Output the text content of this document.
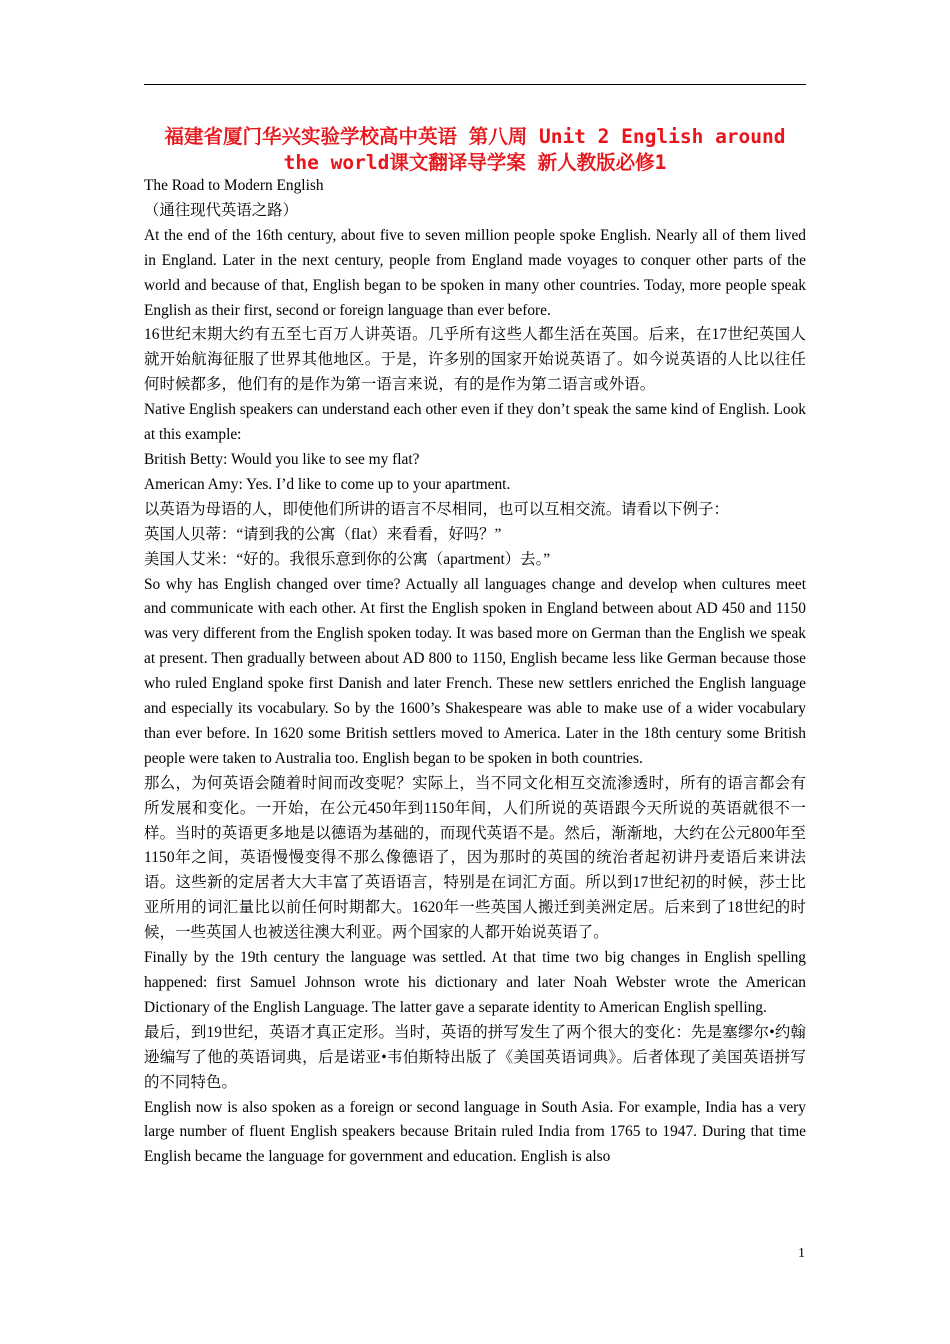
福建省厦门华兴实验学校高中英语 第八周 Unit 2 English around the world课文翻译导学案 新人教版必修1

The Road to Modern English

（通往现代英语之路）

At the end of the 16th century, about five to seven million people spoke English. Nearly all of them lived in England. Later in the next century, people from England made voyages to conquer other parts of the world and because of that, English began to be spoken in many other countries. Today, more people speak English as their first, second or foreign language than ever before.

16世纪末期大约有五至七百万人讲英语。几乎所有这些人都生活在英国。后来，在17世纪英国人就开始航海征服了世界其他地区。于是，许多别的国家开始说英语了。如今说英语的人比以往任何时候都多，他们有的是作为第一语言来说，有的是作为第二语言或外语。

Native English speakers can understand each other even if they don’t speak the same kind of English. Look at this example:

British Betty: Would you like to see my flat?

American Amy: Yes. I’d like to come up to your apartment.

以英语为母语的人，即使他们所讲的语言不尽相同，也可以互相交流。请看以下例子：

英国人贝蒂：“请到我的公寓（flat）来看看，好吗？”

美国人艾米：“好的。我很乐意到你的公寓（apartment）去。”

So why has English changed over time? Actually all languages change and develop when cultures meet and communicate with each other. At first the English spoken in England between about AD 450 and 1150 was very different from the English spoken today. It was based more on German than the English we speak at present. Then gradually between about AD 800 to 1150, English became less like German because those who ruled England spoke first Danish and later French. These new settlers enriched the English language and especially its vocabulary. So by the 1600’s Shakespeare was able to make use of a wider vocabulary than ever before. In 1620 some British settlers moved to America. Later in the 18th century some British people were taken to Australia too. English began to be spoken in both countries.

那么，为何英语会随着时间而改变呢？实际上，当不同文化相互交流渗透时，所有的语言都会有所发展和变化。一开始，在公元450年到1150年间，人们所说的英语跟今天所说的英语就很不一样。当时的英语更多地是以德语为基础的，而现代英语不是。然后，渐渐地，大约在公元800年至1150年之间，英语慢慢变得不那么像德语了，因为那时的英国的统治者起初讲丹麦语后来讲法语。这些新的定居者大大丰富了英语语言，特别是在词汇方面。所以到17世纪初的时候，莎士比亚所用的词汇量比以前任何时期都大。1620年一些英国人搬迁到美洲定居。后来到了18世纪的时候，一些英国人也被送往澳大利亚。两个国家的人都开始说英语了。

Finally by the 19th century the language was settled. At that time two big changes in English spelling happened: first Samuel Johnson wrote his dictionary and later Noah Webster wrote the American Dictionary of the English Language. The latter gave a separate identity to American English spelling.

最后，到19世纪，英语才真正定形。当时，英语的拼写发生了两个很大的变化：先是塞缪尔•约翰逊编写了他的英语词典，后是诺亚•韦伯斯特出版了《美国英语词典》。后者体现了美国英语拼写的不同特色。

English now is also spoken as a foreign or second language in South Asia. For example, India has a very large number of fluent English speakers because Britain ruled India from 1765 to 1947. During that time English became the language for government and education. English is also

1
